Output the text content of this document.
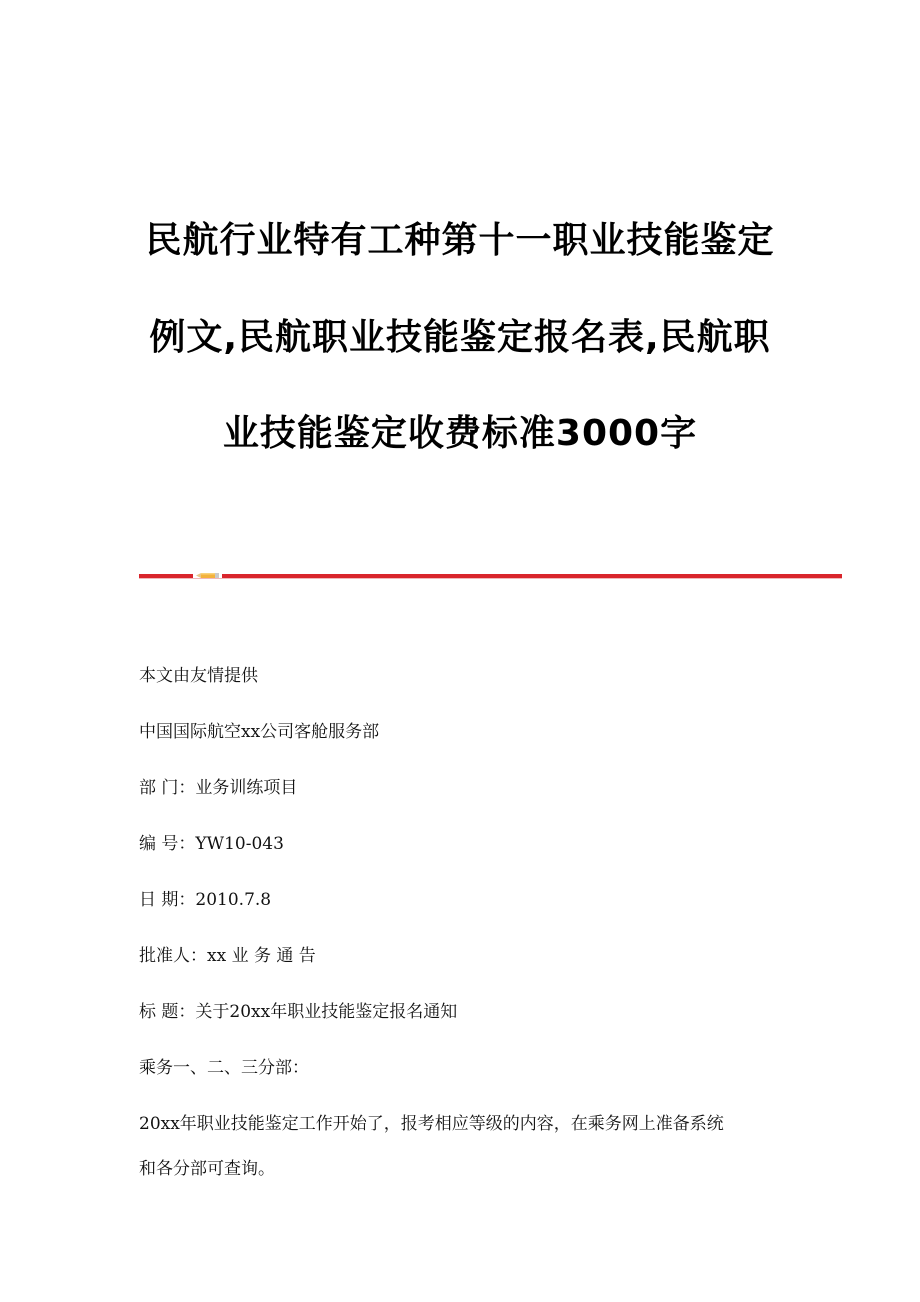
民航行业特有工种第十一职业技能鉴定
例文,民航职业技能鉴定报名表,民航职
业技能鉴定收费标准3000字
本文由友情提供
中国国际航空xx公司客舱服务部
部 门：业务训练项目
编 号：YW10-043
日 期：2010.7.8
批准人：xx 业 务 通 告
标 题：关于20xx年职业技能鉴定报名通知
乘务一、二、三分部：
20xx年职业技能鉴定工作开始了，报考相应等级的内容，在乘务网上准备系统
和各分部可查询。
